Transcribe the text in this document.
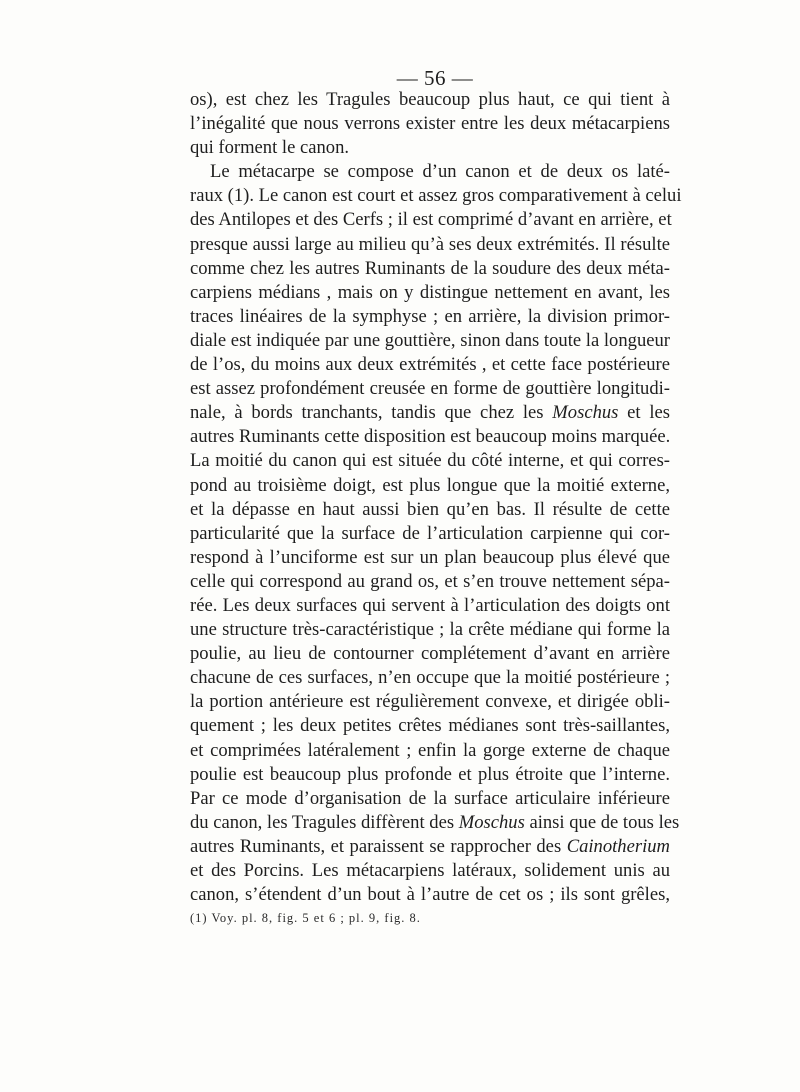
— 56 —
os), est chez les Tragules beaucoup plus haut, ce qui tient à
l’inégalité que nous verrons exister entre les deux métacarpiens
qui forment le canon.
Le métacarpe se compose d’un canon et de deux os laté-
raux (1). Le canon est court et assez gros comparativement à celui
des Antilopes et des Cerfs ; il est comprimé d’avant en arrière, et
presque aussi large au milieu qu’à ses deux extrémités. Il résulte
comme chez les autres Ruminants de la soudure des deux méta-
carpiens médians , mais on y distingue nettement en avant, les
traces linéaires de la symphyse ; en arrière, la division primor-
diale est indiquée par une gouttière, sinon dans toute la longueur
de l’os, du moins aux deux extrémités , et cette face postérieure
est assez profondément creusée en forme de gouttière longitudi-
nale, à bords tranchants, tandis que chez les Moschus et les
autres Ruminants cette disposition est beaucoup moins marquée.
La moitié du canon qui est située du côté interne, et qui corres-
pond au troisième doigt, est plus longue que la moitié externe,
et la dépasse en haut aussi bien qu’en bas. Il résulte de cette
particularité que la surface de l’articulation carpienne qui cor-
respond à l’unciforme est sur un plan beaucoup plus élevé que
celle qui correspond au grand os, et s’en trouve nettement sépa-
rée. Les deux surfaces qui servent à l’articulation des doigts ont
une structure très-caractéristique ; la crête médiane qui forme la
poulie, au lieu de contourner complétement d’avant en arrière
chacune de ces surfaces, n’en occupe que la moitié postérieure ;
la portion antérieure est régulièrement convexe, et dirigée obli-
quement ; les deux petites crêtes médianes sont très-saillantes,
et comprimées latéralement ; enfin la gorge externe de chaque
poulie est beaucoup plus profonde et plus étroite que l’interne.
Par ce mode d’organisation de la surface articulaire inférieure
du canon, les Tragules diffèrent des Moschus ainsi que de tous les
autres Ruminants, et paraissent se rapprocher des Cainotherium
et des Porcins. Les métacarpiens latéraux, solidement unis au
canon, s’étendent d’un bout à l’autre de cet os ; ils sont grêles,
(1) Voy. pl. 8, fig. 5 et 6 ; pl. 9, fig. 8.
